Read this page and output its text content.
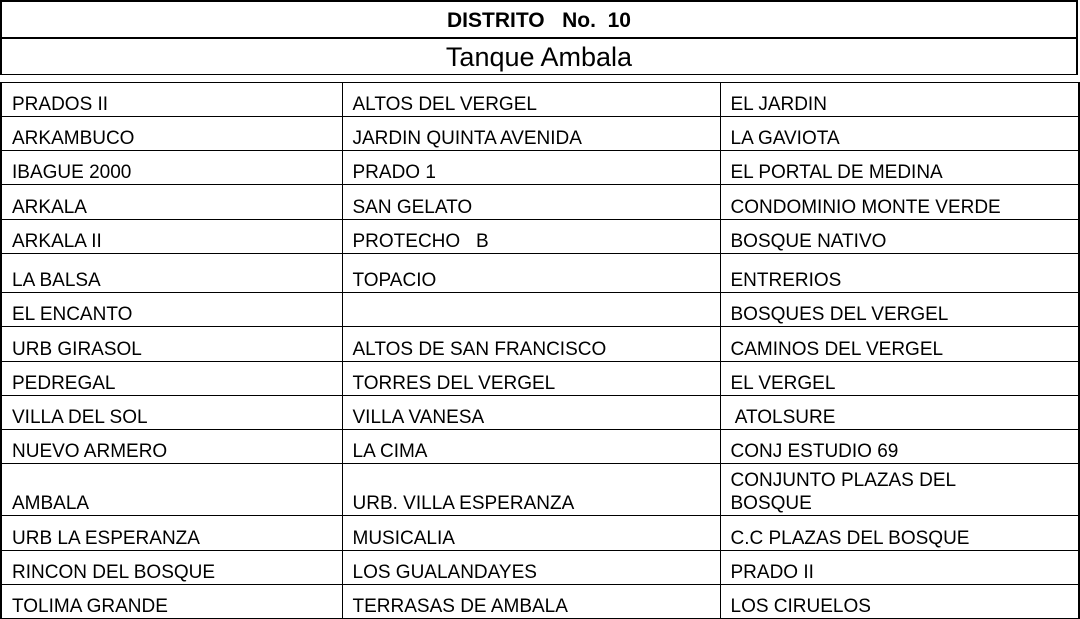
DISTRITO   No.  10
Tanque Ambala
PRADOS II	ALTOS DEL VERGEL	EL JARDIN
ARKAMBUCO	JARDIN QUINTA AVENIDA	LA GAVIOTA
IBAGUE 2000	PRADO 1	EL PORTAL DE MEDINA
ARKALA	SAN GELATO	CONDOMINIO MONTE VERDE
ARKALA II	PROTECHO   B	BOSQUE NATIVO
LA BALSA	TOPACIO	ENTRERIOS
EL ENCANTO		BOSQUES DEL VERGEL
URB GIRASOL	ALTOS DE SAN FRANCISCO	CAMINOS DEL VERGEL
PEDREGAL	TORRES DEL VERGEL	EL VERGEL
VILLA DEL SOL	VILLA VANESA	ATOLSURE
NUEVO ARMERO	LA CIMA	CONJ ESTUDIO 69
AMBALA	URB. VILLA ESPERANZA	CONJUNTO PLAZAS DEL BOSQUE
URB LA ESPERANZA	MUSICALIA	C.C PLAZAS DEL BOSQUE
RINCON DEL BOSQUE	LOS GUALANDAYES	PRADO II
TOLIMA GRANDE	TERRASAS DE AMBALA	LOS CIRUELOS
